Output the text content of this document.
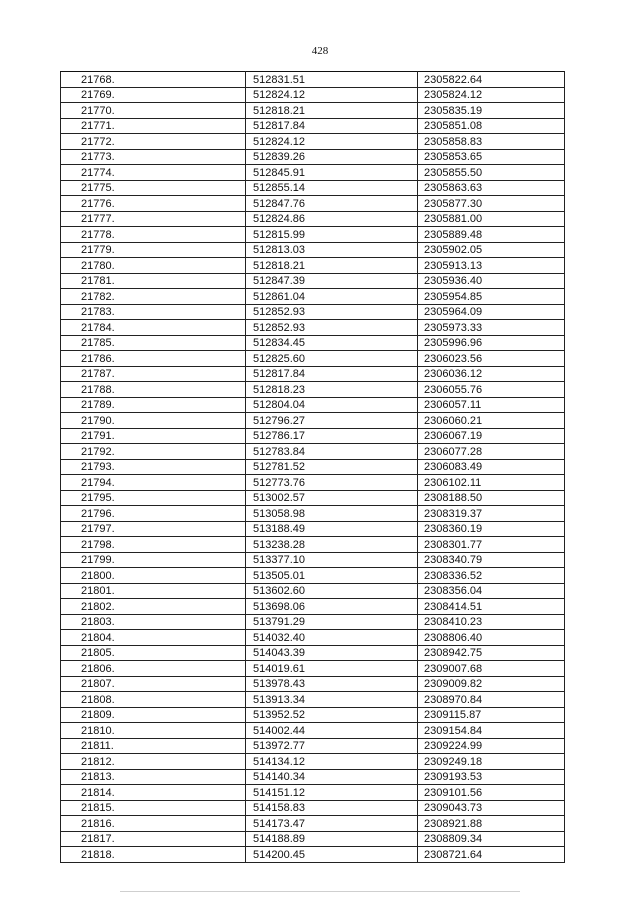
428
21768.	512831.51	2305822.64
21769.	512824.12	2305824.12
21770.	512818.21	2305835.19
21771.	512817.84	2305851.08
21772.	512824.12	2305858.83
21773.	512839.26	2305853.65
21774.	512845.91	2305855.50
21775.	512855.14	2305863.63
21776.	512847.76	2305877.30
21777.	512824.86	2305881.00
21778.	512815.99	2305889.48
21779.	512813.03	2305902.05
21780.	512818.21	2305913.13
21781.	512847.39	2305936.40
21782.	512861.04	2305954.85
21783.	512852.93	2305964.09
21784.	512852.93	2305973.33
21785.	512834.45	2305996.96
21786.	512825.60	2306023.56
21787.	512817.84	2306036.12
21788.	512818.23	2306055.76
21789.	512804.04	2306057.11
21790.	512796.27	2306060.21
21791.	512786.17	2306067.19
21792.	512783.84	2306077.28
21793.	512781.52	2306083.49
21794.	512773.76	2306102.11
21795.	513002.57	2308188.50
21796.	513058.98	2308319.37
21797.	513188.49	2308360.19
21798.	513238.28	2308301.77
21799.	513377.10	2308340.79
21800.	513505.01	2308336.52
21801.	513602.60	2308356.04
21802.	513698.06	2308414.51
21803.	513791.29	2308410.23
21804.	514032.40	2308806.40
21805.	514043.39	2308942.75
21806.	514019.61	2309007.68
21807.	513978.43	2309009.82
21808.	513913.34	2308970.84
21809.	513952.52	2309115.87
21810.	514002.44	2309154.84
21811.	513972.77	2309224.99
21812.	514134.12	2309249.18
21813.	514140.34	2309193.53
21814.	514151.12	2309101.56
21815.	514158.83	2309043.73
21816.	514173.47	2308921.88
21817.	514188.89	2308809.34
21818.	514200.45	2308721.64
